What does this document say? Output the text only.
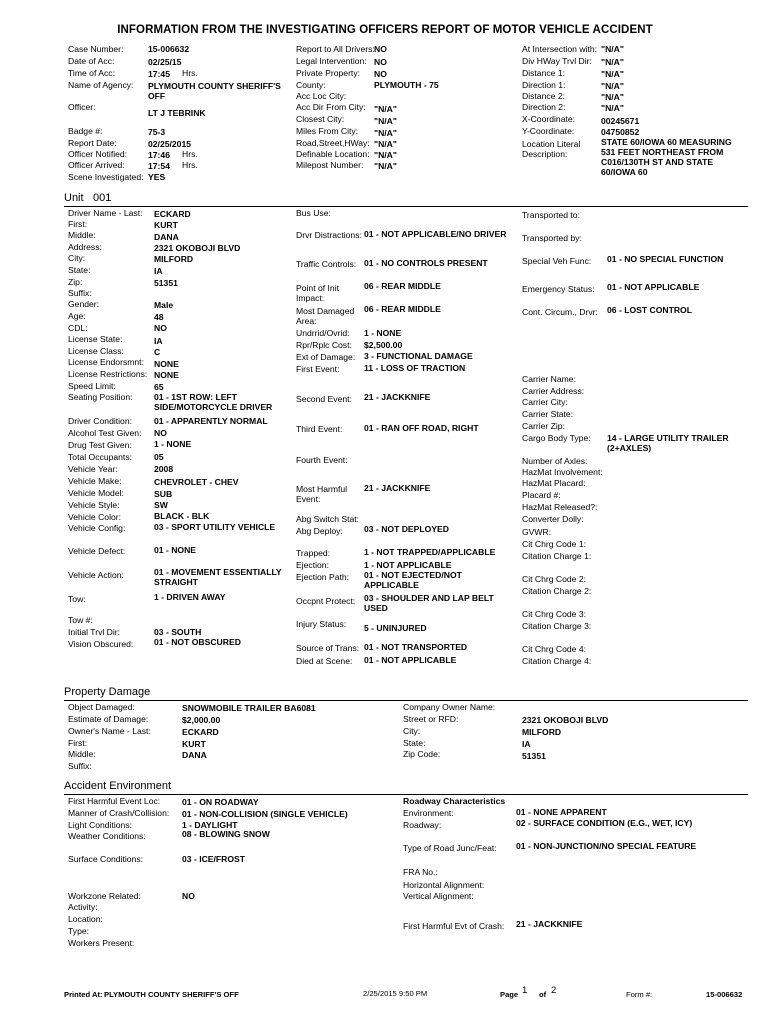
INFORMATION FROM THE INVESTIGATING OFFICERS REPORT OF MOTOR VEHICLE ACCIDENT
Case Number:	15-006632
Date of Acc:	02/25/15
Time of Acc:	17:45 Hrs.
Name of Agency: PLYMOUTH COUNTY SHERIFF'S OFF
Officer:
LT J TEBRINK
Badge #:	75-3
Report Date:	02/25/2015
Officer Notified: 17:46 Hrs.
Officer Arrived:	17:54 Hrs.
Scene Investigated: YES
Report to All Drivers: NO
Legal Intervention: NO
Private Property: NO
County:	PLYMOUTH - 75
Acc Loc City:
Acc Dir From City: "N/A"
Closest City:	"N/A"
Miles From City: "N/A"
Road,Street,HWay: "N/A"
Definable Location: "N/A"
Milepost Number: "N/A"
At Intersection with: "N/A"
Div HWay Trvl Dir: "N/A"
Distance 1:	"N/A"
Direction 1:	"N/A"
Distance 2:	"N/A"
Direction 2:	"N/A"
X-Coordinate:	00245671
Y-Coordinate:	04750852
Location Literal Description:
STATE 60/IOWA 60 MEASURING 531 FEET NORTHEAST FROM C016/130TH ST AND STATE 60/IOWA 60
Unit 001
Driver Name - Last: ECKARD
First:	KURT
Middle:	DANA
Address:	2321 OKOBOJI BLVD
City:	MILFORD
State:	IA
Zip:	51351
Suffix:
Gender:	Male
Age:	48
CDL:	NO
License State:	IA
License Class:	C
License Endorsmnt: NONE
License Restrictions: NONE
Speed Limit:	65
Seating Position:	01 - 1ST ROW: LEFT SIDE/MOTORCYCLE DRIVER
Driver Condition:	01 - APPARENTLY NORMAL
Alcohol Test Given: NO
Drug Test Given:	1 - NONE
Total Occupants:	05
Vehicle Year:	2008
Vehicle Make:	CHEVROLET - CHEV
Vehicle Model:	SUB
Vehicle Style:	SW
Vehicle Color:	BLACK - BLK
Vehicle Config:	03 - SPORT UTILITY VEHICLE
Vehicle Defect:	01 - NONE
Vehicle Action:	01 - MOVEMENT ESSENTIALLY STRAIGHT
Tow:	1 - DRIVEN AWAY
Tow #:
Initial Trvl Dir:	03 - SOUTH
Vision Obscured: 01 - NOT OBSCURED
Bus Use:
Drvr Distractions: 01 - NOT APPLICABLE/NO DRIVER
Traffic Controls: 01 - NO CONTROLS PRESENT
Point of Init Impact:
06 - REAR MIDDLE
Most Damaged Area:
06 - REAR MIDDLE
Undrrid/Ovrid: 1 - NONE
Rpr/Rplc Cost: $2,500.00
Ext of Damage: 3 - FUNCTIONAL DAMAGE
First Event:	11 - LOSS OF TRACTION
Second Event: 21 - JACKKNIFE
Third Event:	01 - RAN OFF ROAD, RIGHT
Fourth Event:
Most Harmful Event:
21 - JACKKNIFE
Abg Switch Stat:
Abg Deploy: 03 - NOT DEPLOYED
Trapped:	1 - NOT TRAPPED/APPLICABLE
Ejection:	1 - NOT APPLICABLE
Ejection Path: 01 - NOT EJECTED/NOT APPLICABLE
Occpnt Protect: 03 - SHOULDER AND LAP BELT USED
Injury Status: 5 - UNINJURED
Source of Trans: 01 - NOT TRANSPORTED
Died at Scene: 01 - NOT APPLICABLE
Transported to:
Transported by:
Special Veh Func: 01 - NO SPECIAL FUNCTION
Emergency Status: 01 - NOT APPLICABLE
Cont. Circum., Drvr: 06 - LOST CONTROL
Carrier Name:
Carrier Address:
Carrier City:
Carrier State:
Carrier Zip:
Cargo Body Type: 14 - LARGE UTILITY TRAILER (2+AXLES)
Number of Axles:
HazMat Involvement:
HazMat Placard:
Placard #:
HazMat Released?:
Converter Dolly:
GVWR:
Cit Chrg Code 1:
Citation Charge 1:
Cit Chrg Code 2:
Citation Charge 2:
Cit Chrg Code 3:
Citation Charge 3:
Cit Chrg Code 4:
Citation Charge 4:
Property Damage
Object Damaged:	SNOWMOBILE TRAILER BA6081
Estimate of Damage:	$2,000.00
Owner's Name - Last:	ECKARD
First:	KURT
Middle:	DANA
Suffix:
Company Owner Name:
Street or RFD:	2321 OKOBOJI BLVD
City:	MILFORD
State:	IA
Zip Code:	51351
Accident Environment
First Harmful Event Loc:	01 - ON ROADWAY
Manner of Crash/Collision: 01 - NON-COLLISION (SINGLE VEHICLE)
Light Conditions:	1 - DAYLIGHT
Weather Conditions:	08 - BLOWING SNOW
Surface Conditions:	03 - ICE/FROST
Workzone Related:	NO
Activity:
Location:
Type:
Workers Present:
Roadway Characteristics
Environment:	01 - NONE APPARENT
Roadway:	02 - SURFACE CONDITION (E.G., WET, ICY)
Type of Road Junc/Feat: 01 - NON-JUNCTION/NO SPECIAL FEATURE
FRA No.:
Horizontal Alignment:
Vertical Alignment:
First Harmful Evt of Crash: 21 - JACKKNIFE
Printed At: PLYMOUTH COUNTY SHERIFF'S OFF	2/25/2015 9:50 PM	Page 1 of 2	Form #:	15-006632
